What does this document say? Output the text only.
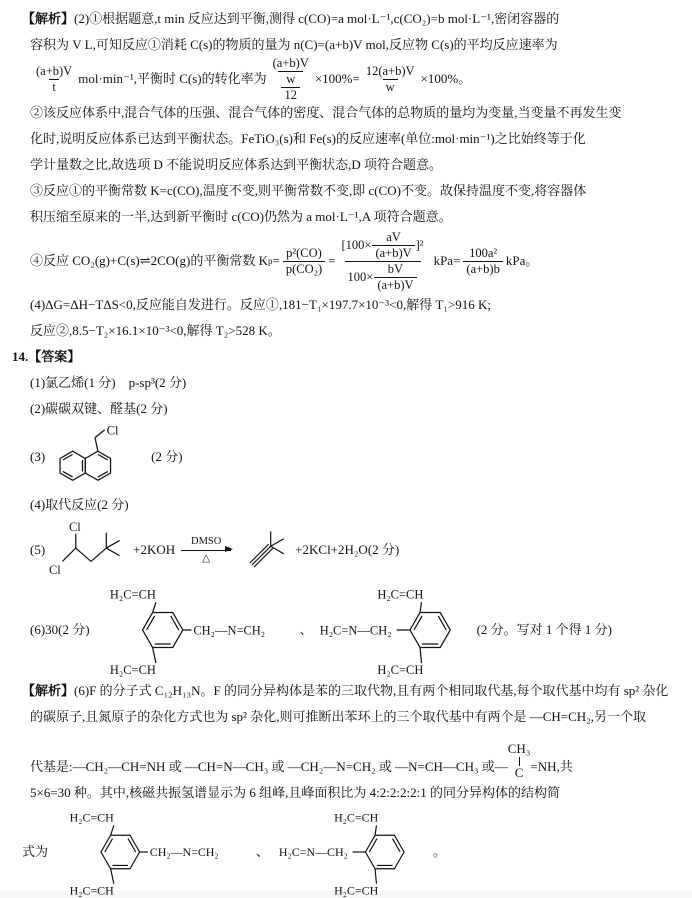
【解析】(2)①根据题意,t min 反应达到平衡,测得 c(CO)=a mol·L⁻¹,c(CO₂)=b mol·L⁻¹,密闭容器的
容积为 V L,可知反应①消耗 C(s)的物质的量为 n(C)=(a+b)V mol,反应物 C(s)的平均反应速率为
$\frac{(a+b)V}{t} mol\cdot\min^{-1}$,平衡时 C(s)的转化率为 $\frac{(a+b)V}{\frac{w}{12}} \times 100\%= \frac{12(a+b)V}{w} \times 100\%$。
②该反应体系中,混合气体的压强、混合气体的密度、混合气体的总物质的量均为变量,当变量不再发生变
化时,说明反应体系已达到平衡状态。FeTiO₃(s)和 Fe(s)的反应速率(单位:mol·min⁻¹)之比始终等于化
学计量数之比,故选项 D 不能说明反应体系达到平衡状态,D 项符合题意。
③反应①的平衡常数 K=c(CO),温度不变,则平衡常数不变,即 c(CO)不变。故保持温度不变,将容器体
积压缩至原来的一半,达到新平衡时 c(CO)仍然为 a mol·L⁻¹,A 项符合题意。
④反应 CO₂(g)+C(s)⇌2CO(g)的平衡常数 K $p = \frac{\text{p²(CO)}}{\text{p(CO₂)}} = \frac{[100\times \frac{aV}{(a+b)V} ]^2}{100\times \frac{bV}{(a+b)V}} kPa= \frac{\text{100a²}}{(a+b)b}$ kPa。
(4)ΔG=ΔH−TΔS<0,反应能自发进行。反应①,181−T₁×197.7×10⁻³<0,解得 T₁>916 K;
反应②,8.5−T₂×16.1×10⁻³<0,解得 T₂>528 K。
14.【答案】
(1)氯乙烯(1 分)　p-sp³(2 分)
(2)碳碳双键、醛基(2 分)
(3)
Cl
(2 分)
(4)取代反应(2 分)
(5)
Cl
Cl
+2KOH
DMSO
△
+2KCl+2H₂O(2 分)
(6)30(2 分)
H₂C=CH
H₂C=CH
CH₂—N=CH₂	、
H₂C=CH
H₂C=CH
H₂C=N—CH₂	(2 分。写对 1 个得 1 分)
【解析】(6)F 的分子式 C₁₂H₁₃N。F 的同分异构体是苯的三取代物,且有两个相同取代基,每个取代基中均有 sp² 杂化
的碳原子,且氮原子的杂化方式也为 sp² 杂化,则可推断出苯环上的三个取代基中有两个是 —CH=CH₂,另一个取
代基是:—CH₂—CH=NH 或 —CH=N—CH₃ 或 —CH₂—N=CH₂ 或 —N=CH—CH₃ 或 —
CH₃
C =NH ,共
5×6=30 种。其中,核磁共振氢谱显示为 6 组峰,且峰面积比为 4:2:2:2:2:1 的同分异构体的结构简
式为
H₂C=CH
H₂C=CH
CH₂—N=CH₂	、
H₂C=CH
H₂C=CH
H₂C=N—CH₂	。
